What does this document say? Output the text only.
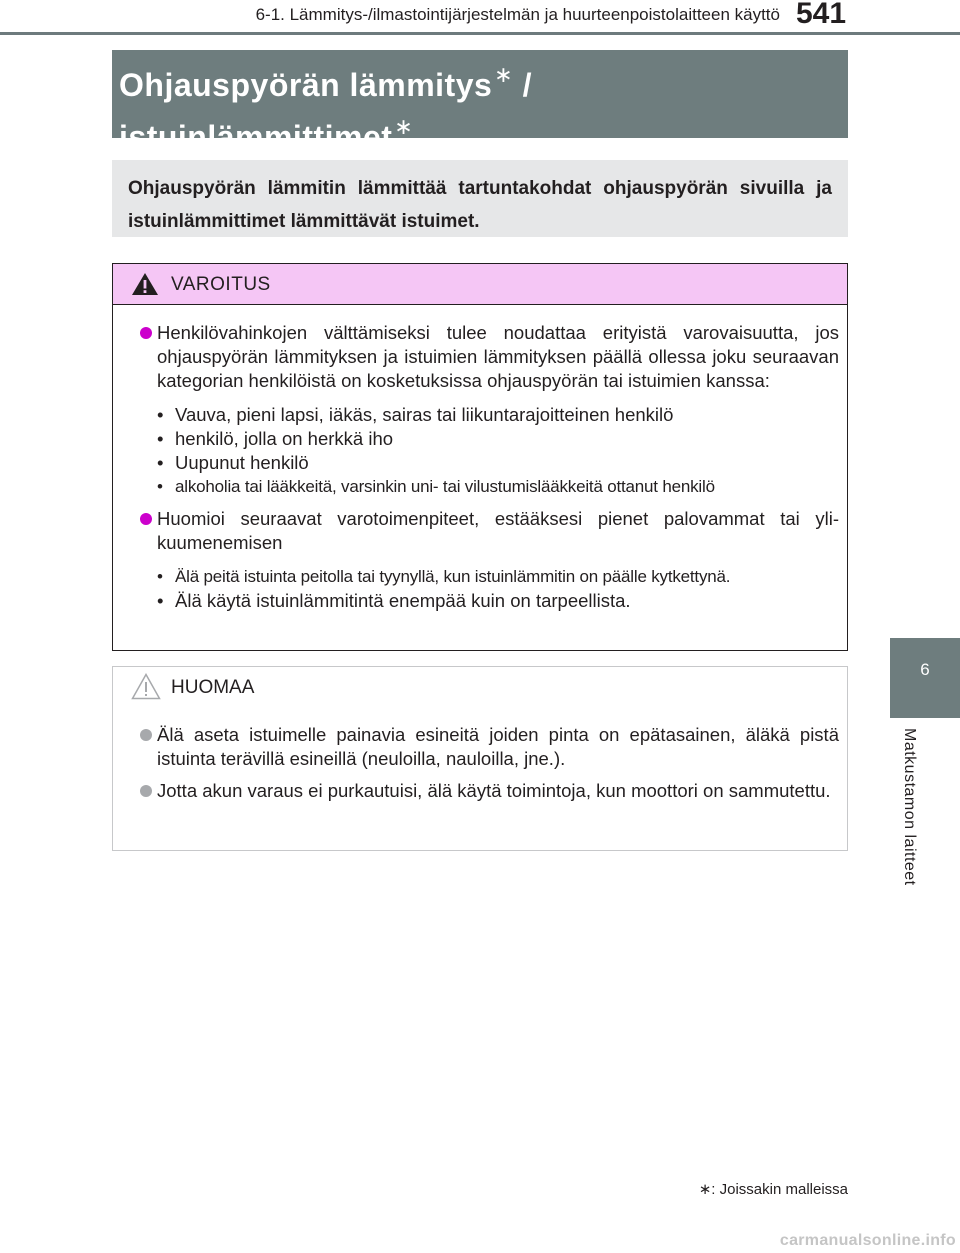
6-1. Lämmitys-/ilmastointijärjestelmän ja huurteenpoistolaitteen käyttö 541
Ohjauspyörän lämmitys∗ /
istuinlämmittimet∗
Ohjauspyörän lämmitin lämmittää tartuntakohdat ohjauspyörän sivuilla ja istuinlämmittimet lämmittävät istuimet.
VAROITUS
Henkilövahinkojen välttämiseksi tulee noudattaa erityistä varovaisuutta, jos ohjauspyörän lämmityksen ja istuimien lämmityksen päällä ollessa joku seuraavan kategorian henkilöistä on kosketuksissa ohjauspyörän tai istuimien kanssa:
• Vauva, pieni lapsi, iäkäs, sairas tai liikuntarajoitteinen henkilö
• henkilö, jolla on herkkä iho
• Uupunut henkilö
• alkoholia tai lääkkeitä, varsinkin uni- tai vilustumislääkkeitä ottanut henkilö
Huomioi seuraavat varotoimenpiteet, estääksesi pienet palovammat tai yli-kuumenemisen
• Älä peitä istuinta peitolla tai tyynyllä, kun istuinlämmitin on päälle kytkettynä.
• Älä käytä istuinlämmitintä enempää kuin on tarpeellista.
HUOMAA
Älä aseta istuimelle painavia esineitä joiden pinta on epätasainen, äläkä pistä istuinta terävillä esineillä (neuloilla, nauloilla, jne.).
Jotta akun varaus ei purkautuisi, älä käytä toimintoja, kun moottori on sammutettu.
6
Matkustamon laitteet
∗: Joissakin malleissa
carmanualsonline.info
